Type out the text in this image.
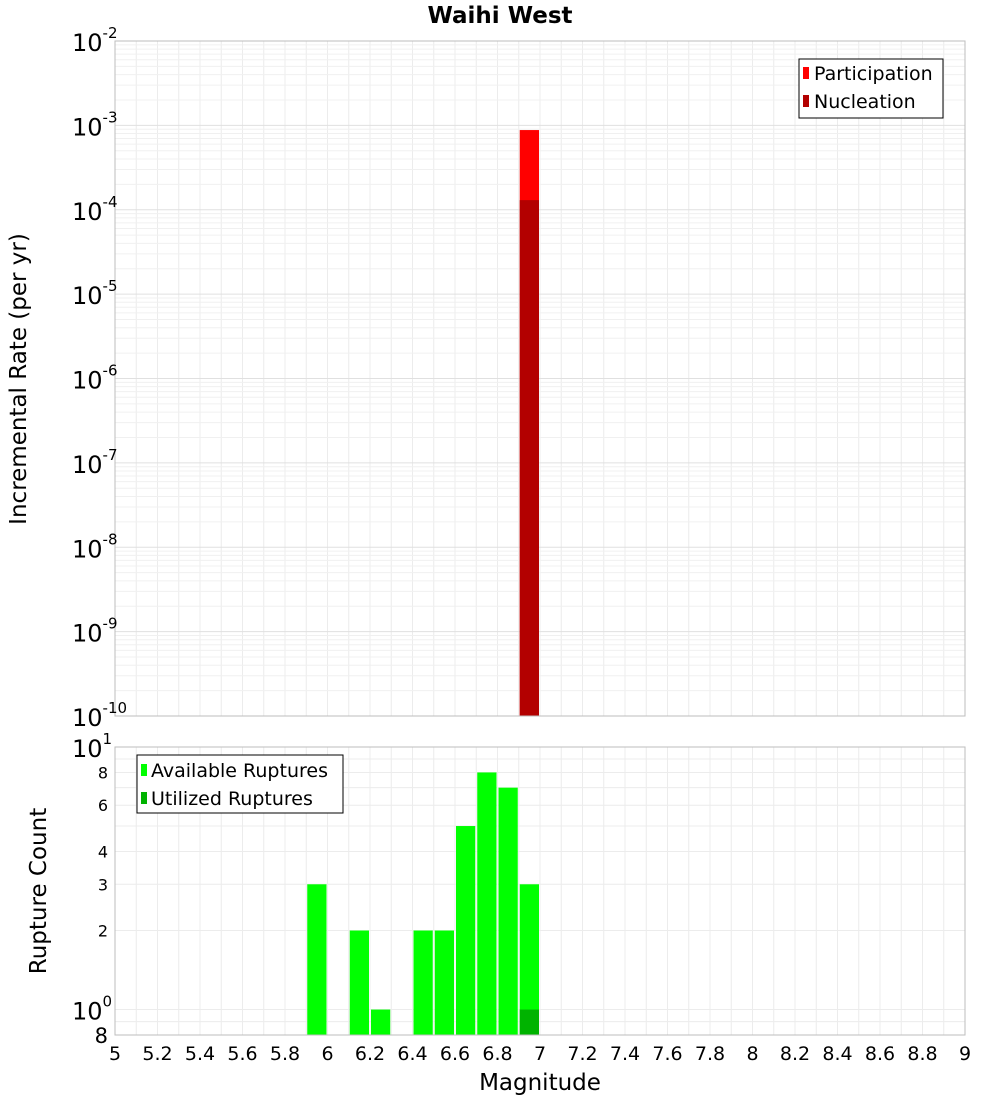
Waihi West
$10^{-2}$
$10^{-3}$
$10^{-4}$
$10^{-5}$
$10^{-6}$
$10^{-7}$
$10^{-8}$
$10^{-9}$
$10^{-10}$
Incremental Rate (per yr)
Participation
Nucleation
$10^1$
$10^0$
8
6
4
3
2
8
5 5.2 5.4 5.6 5.8 6 6.2 6.4 6.6 6.8 7 7.2 7.4 7.6 7.8 8 8.2 8.4 8.6 8.8 9
Rupture Count
Magnitude
Available Ruptures
Utilized Ruptures
